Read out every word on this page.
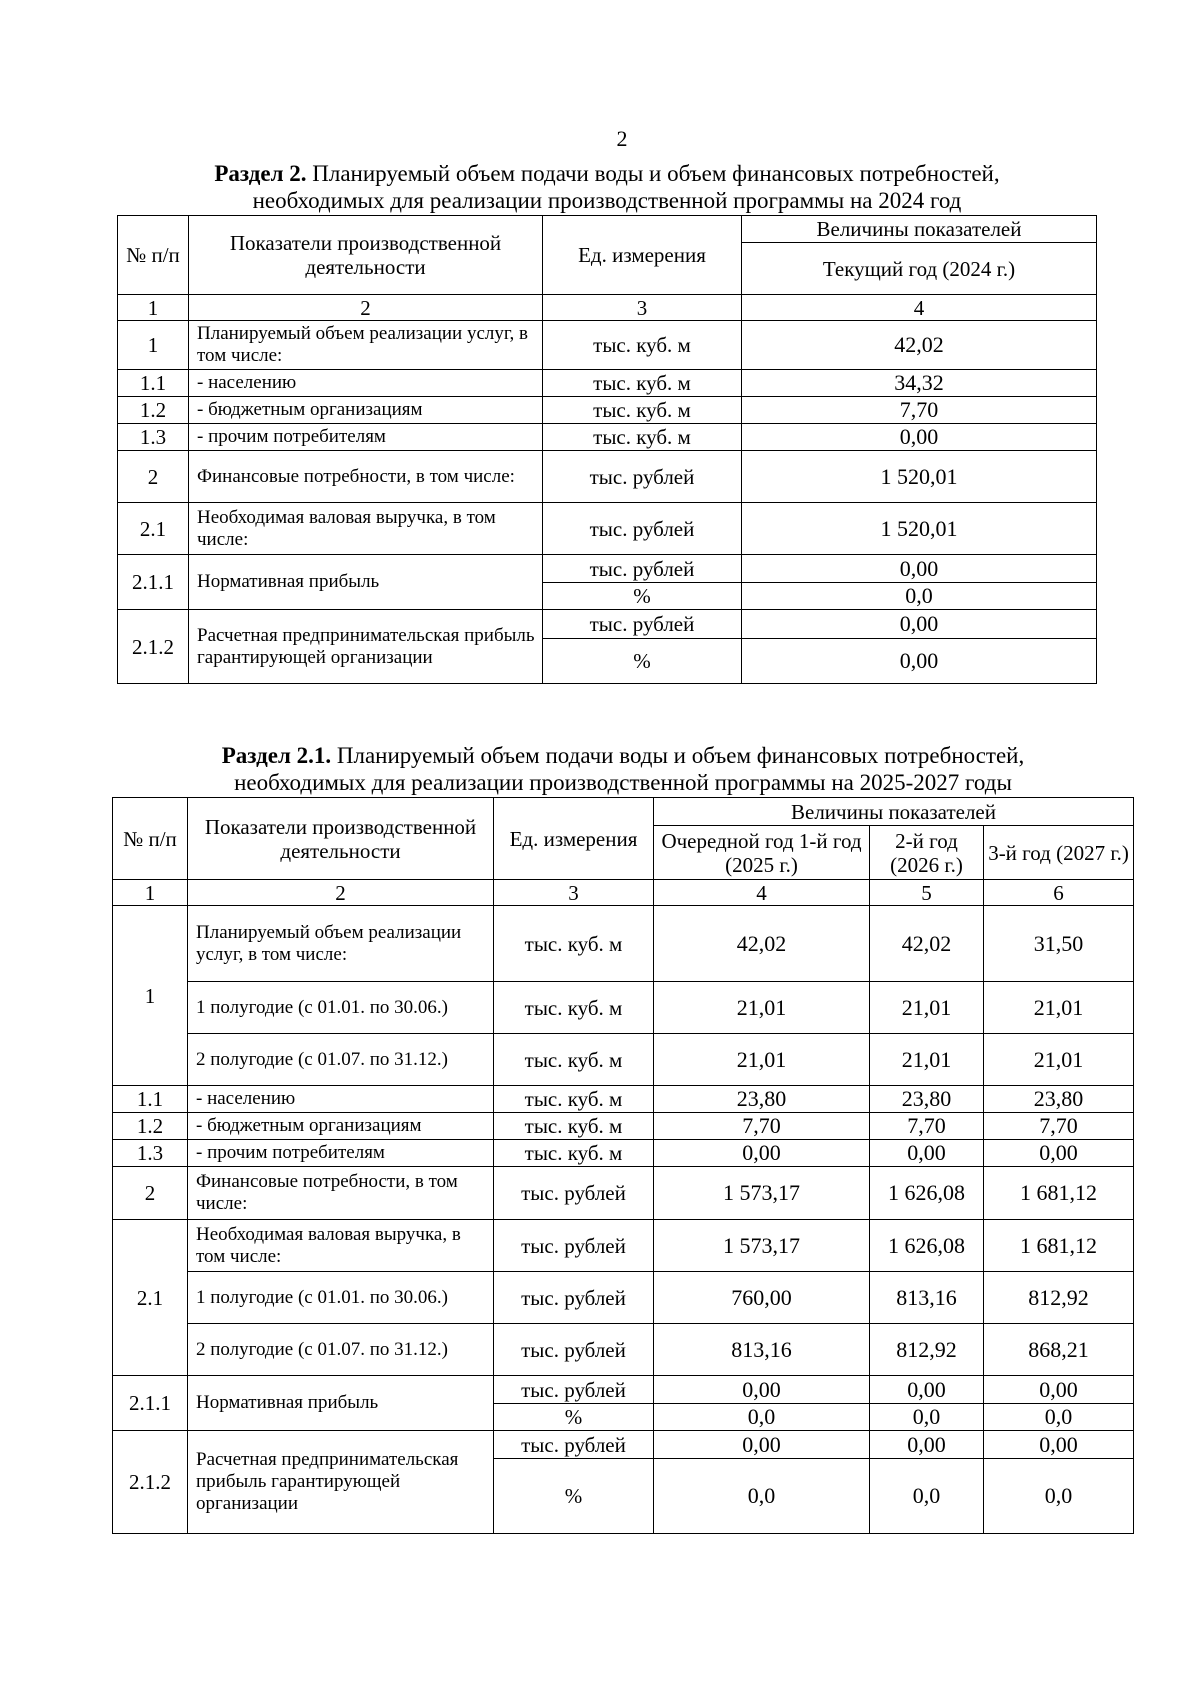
2
Раздел 2. Планируемый объем подачи воды и объем финансовых потребностей,
необходимых для реализации производственной программы на 2024 год
№ п/п	Показатели производственной деятельности	Ед. измерения	Величины показателей
			Текущий год (2024 г.)
1	2	3	4
1	Планируемый объем реализации услуг, в том числе:	тыс. куб. м	42,02
1.1	- населению	тыс. куб. м	34,32
1.2	- бюджетным организациям	тыс. куб. м	7,70
1.3	- прочим потребителям	тыс. куб. м	0,00
2	Финансовые потребности, в том числе:	тыс. рублей	1 520,01
2.1	Необходимая валовая выручка, в том числе:	тыс. рублей	1 520,01
2.1.1	Нормативная прибыль	тыс. рублей	0,00
		%	0,0
2.1.2	Расчетная предпринимательская прибыль гарантирующей организации	тыс. рублей	0,00
		%	0,00
Раздел 2.1. Планируемый объем подачи воды и объем финансовых потребностей,
необходимых для реализации производственной программы на 2025-2027 годы
№ п/п	Показатели производственной деятельности	Ед. измерения	Величины показателей		
			Очередной год 1-й год (2025 г.)	2-й год (2026 г.)	3-й год (2027 г.)
1	2	3	4	5	6
1	Планируемый объем реализации услуг, в том числе:	тыс. куб. м	42,02	42,02	31,50
	1 полугодие (с 01.01. по 30.06.)	тыс. куб. м	21,01	21,01	21,01
	2 полугодие (с 01.07. по 31.12.)	тыс. куб. м	21,01	21,01	21,01
1.1	- населению	тыс. куб. м	23,80	23,80	23,80
1.2	- бюджетным организациям	тыс. куб. м	7,70	7,70	7,70
1.3	- прочим потребителям	тыс. куб. м	0,00	0,00	0,00
2	Финансовые потребности, в том числе:	тыс. рублей	1 573,17	1 626,08	1 681,12
2.1	Необходимая валовая выручка, в том числе:	тыс. рублей	1 573,17	1 626,08	1 681,12
	1 полугодие (с 01.01. по 30.06.)	тыс. рублей	760,00	813,16	812,92
	2 полугодие (с 01.07. по 31.12.)	тыс. рублей	813,16	812,92	868,21
2.1.1	Нормативная прибыль	тыс. рублей	0,00	0,00	0,00
		%	0,0	0,0	0,0
2.1.2	Расчетная предпринимательская прибыль гарантирующей организации	тыс. рублей	0,00	0,00	0,00
		%	0,0	0,0	0,0
